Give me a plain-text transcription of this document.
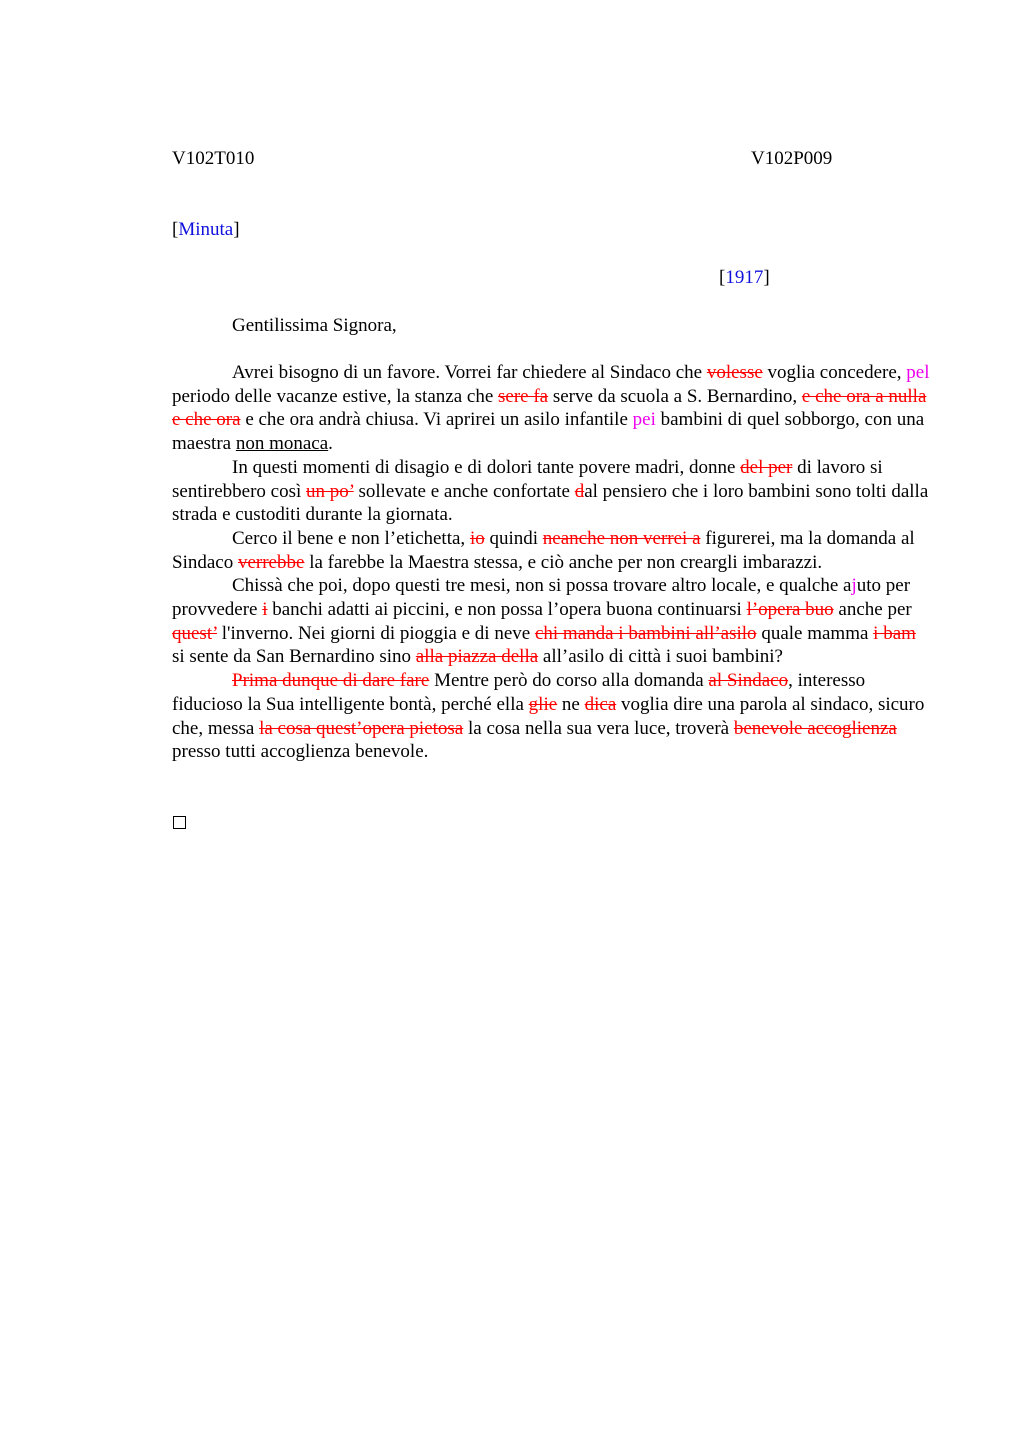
V102T010	V102P009

[Minuta]

[1917]

Gentilissima Signora,

Avrei bisogno di un favore. Vorrei far chiedere al Sindaco che volesse voglia concedere, pel periodo delle vacanze estive, la stanza che sere fa serve da scuola a S. Bernardino, e che ora a nulla e che ora e che ora andrà chiusa. Vi aprirei un asilo infantile pei bambini di quel sobborgo, con una maestra non monaca.

In questi momenti di disagio e di dolori tante povere madri, donne del per di lavoro si sentirebbero così un po’ sollevate e anche confortate dal pensiero che i loro bambini sono tolti dalla strada e custoditi durante la giornata.

Cerco il bene e non l’etichetta, io quindi neanche non verrei a figurerei, ma la domanda al Sindaco verrebbe la farebbe la Maestra stessa, e ciò anche per non creargli imbarazzi.

Chissà che poi, dopo questi tre mesi, non si possa trovare altro locale, e qualche ajuto per provvedere i banchi adatti ai piccini, e non possa l’opera buona continuarsi l’opera buo anche per quest’ l'inverno. Nei giorni di pioggia e di neve chi manda i bambini all’asilo quale mamma i bam si sente da San Bernardino sino alla piazza della all’asilo di città i suoi bambini?

Prima dunque di dare fare Mentre però do corso alla domanda al Sindaco, interesso fiducioso la Sua intelligente bontà, perché ella glie ne dica voglia dire una parola al sindaco, sicuro che, messa la cosa quest’opera pietosa la cosa nella sua vera luce, troverà benevole accoglienza presso tutti accoglienza benevole.
